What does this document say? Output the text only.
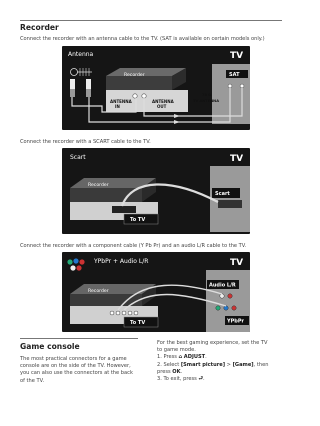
Recorder

Connect the recorder with an antenna cable to the TV. (SAT is available on certain models only.)

Antenna	TV
Recorder
ANTENNA
IN
ANTENNA
OUT
SAT
75 Ω
TV ANTENNA

Connect the recorder with a SCART cable to the TV.

Scart	TV
Recorder
To TV
Scart

Connect the recorder with a component cable (Y Pb Pr) and an audio L/R cable to the TV.

YPbPr + Audio L/R	TV
Recorder
To TV
Audio L/R
YPbPr
Game console
The most practical connectors for a game
console are on the side of the TV. However,
you can also use the connectors at the back
of the TV.
For the best gaming experience, set the TV
to game mode.
1. Press ⌂ ADJUST.
2. Select [Smart picture] > [Game], then
press OK.
3. To exit, press ⮐.
